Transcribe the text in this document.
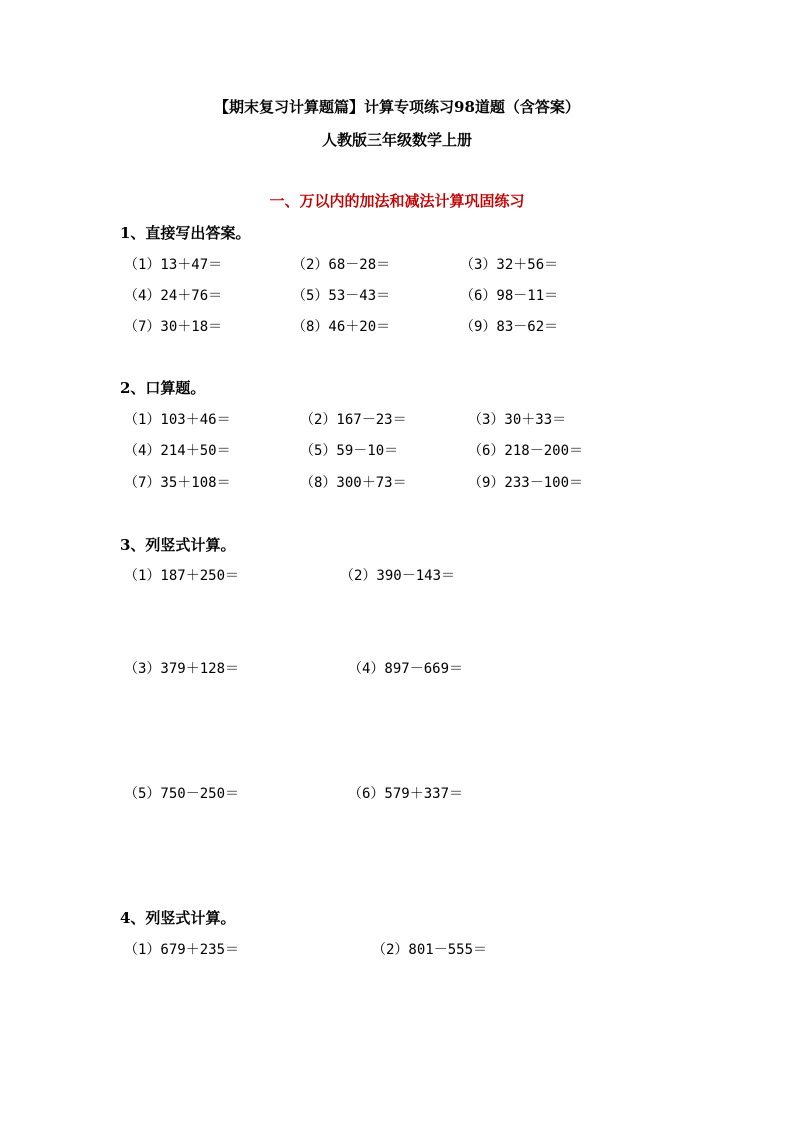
【期末复习计算题篇】计算专项练习98道题（含答案）
人教版三年级数学上册
一、万以内的加法和减法计算巩固练习
1、直接写出答案。
（1）13＋47＝	（2）68－28＝	（3）32＋56＝
（4）24＋76＝	（5）53－43＝	（6）98－11＝
（7）30＋18＝	（8）46＋20＝	（9）83－62＝
2、口算题。
（1）103＋46＝	（2）167－23＝	（3）30＋33＝
（4）214＋50＝	（5）59－10＝	（6）218－200＝
（7）35＋108＝	（8）300＋73＝	（9）233－100＝
3、列竖式计算。
（1）187＋250＝	（2）390－143＝
（3）379＋128＝	（4）897－669＝
（5）750－250＝	（6）579＋337＝
4、列竖式计算。
（1）679＋235＝	（2）801－555＝
